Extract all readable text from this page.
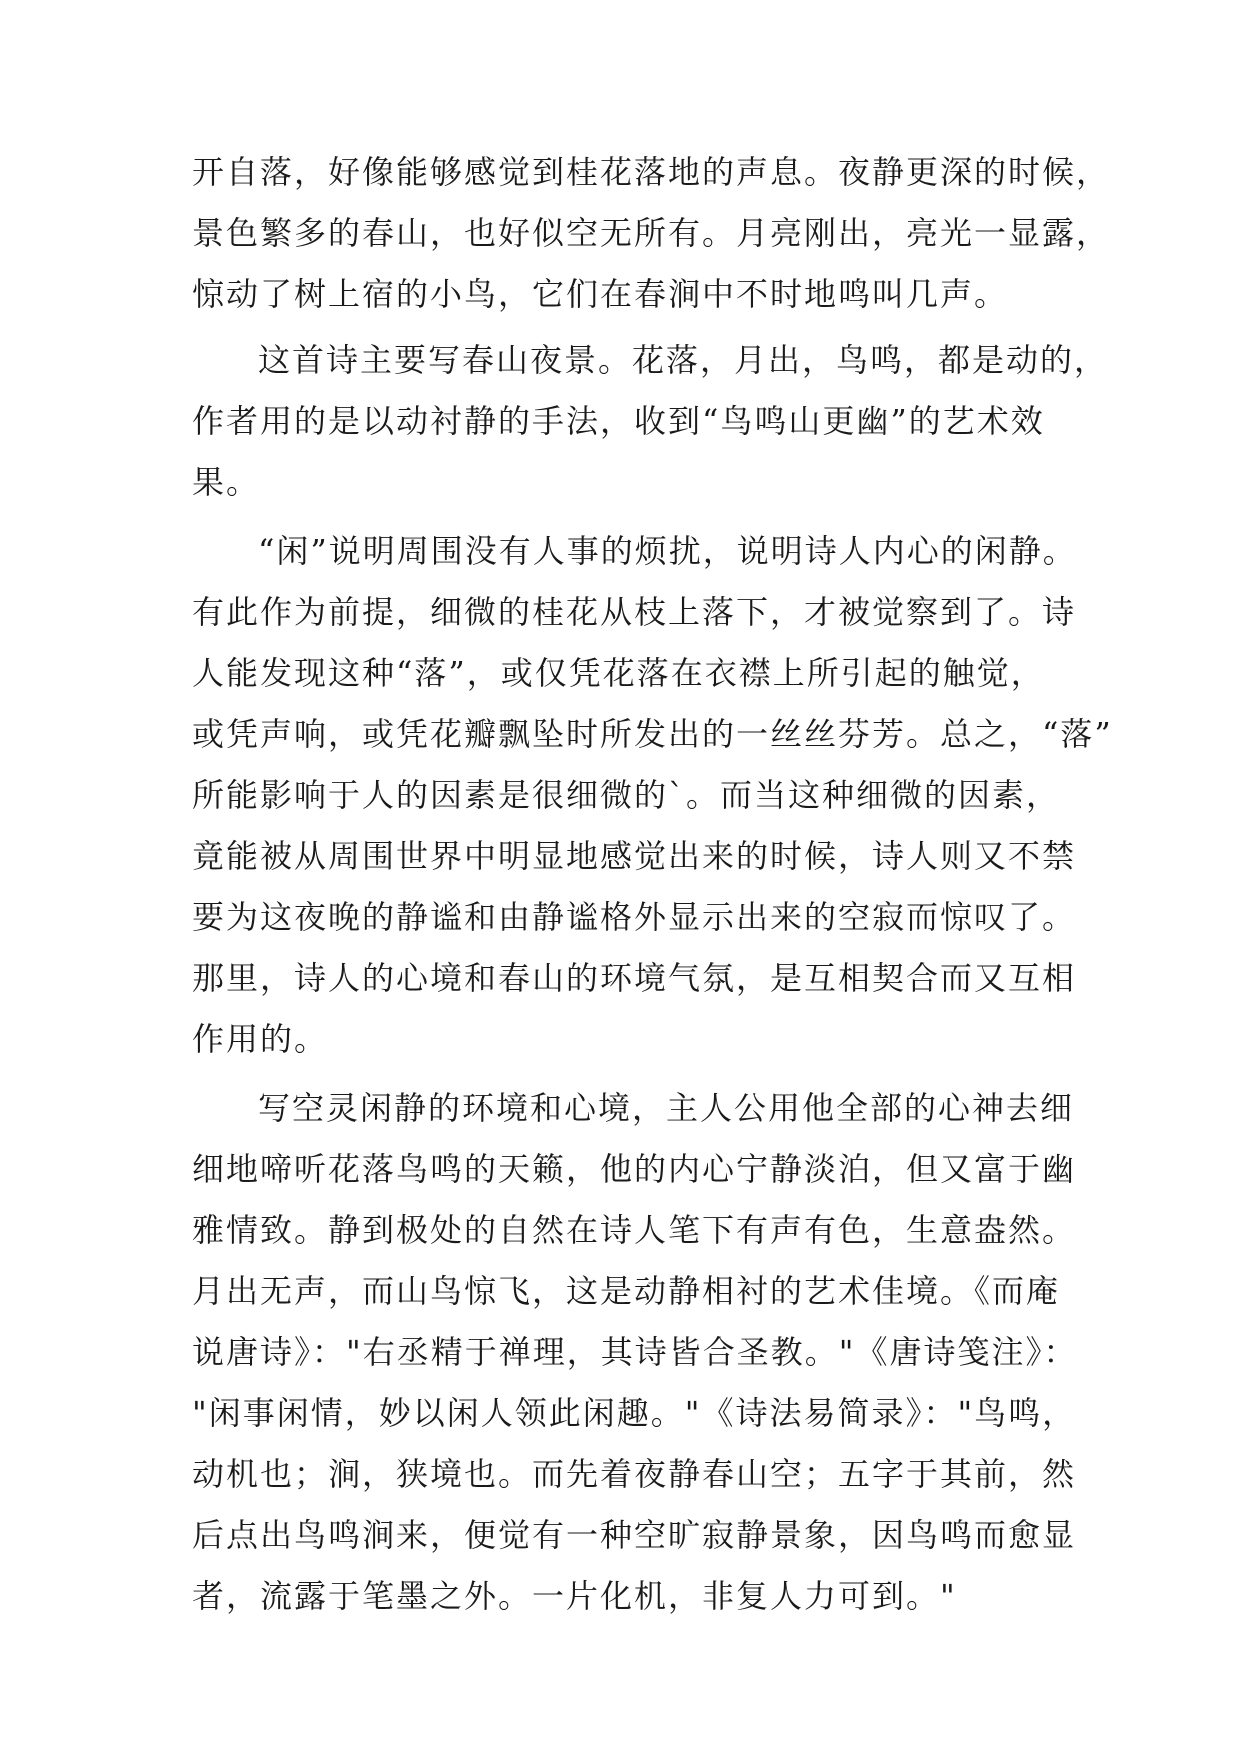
开自落，好像能够感觉到桂花落地的声息。夜静更深的时候，
景色繁多的春山，也好似空无所有。月亮刚出，亮光一显露，
惊动了树上宿的小鸟，它们在春涧中不时地鸣叫几声。
这首诗主要写春山夜景。花落，月出，鸟鸣，都是动的，
作者用的是以动衬静的手法，收到“鸟鸣山更幽”的艺术效
果。
“闲”说明周围没有人事的烦扰，说明诗人内心的闲静。
有此作为前提，细微的桂花从枝上落下，才被觉察到了。诗
人能发现这种“落”，或仅凭花落在衣襟上所引起的触觉，
或凭声响，或凭花瓣飘坠时所发出的一丝丝芬芳。总之，“落”
所能影响于人的因素是很细微的`。而当这种细微的因素，
竟能被从周围世界中明显地感觉出来的时候，诗人则又不禁
要为这夜晚的静谧和由静谧格外显示出来的空寂而惊叹了。
那里，诗人的心境和春山的环境气氛，是互相契合而又互相
作用的。
写空灵闲静的环境和心境，主人公用他全部的心神去细
细地啼听花落鸟鸣的天籁，他的内心宁静淡泊，但又富于幽
雅情致。静到极处的自然在诗人笔下有声有色，生意盎然。
月出无声，而山鸟惊飞，这是动静相衬的艺术佳境。《而庵
说唐诗》："右丞精于禅理，其诗皆合圣教。"《唐诗笺注》：
"闲事闲情，妙以闲人领此闲趣。"《诗法易简录》："鸟鸣，
动机也；涧，狭境也。而先着夜静春山空；五字于其前，然
后点出鸟鸣涧来，便觉有一种空旷寂静景象，因鸟鸣而愈显
者，流露于笔墨之外。一片化机，非复人力可到。"
